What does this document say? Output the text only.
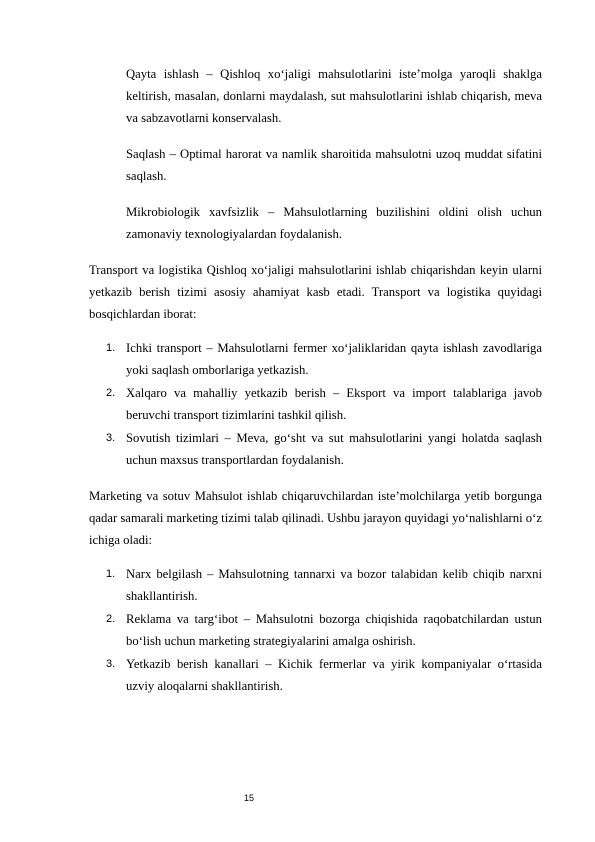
Qayta ishlash – Qishloq xo‘jaligi mahsulotlarini iste’molga yaroqli shaklga keltirish, masalan, donlarni maydalash, sut mahsulotlarini ishlab chiqarish, meva va sabzavotlarni konservalash.

Saqlash – Optimal harorat va namlik sharoitida mahsulotni uzoq muddat sifatini saqlash.

Mikrobiologik xavfsizlik – Mahsulotlarning buzilishini oldini olish uchun zamonaviy texnologiyalardan foydalanish.

Transport va logistika Qishloq xo‘jaligi mahsulotlarini ishlab chiqarishdan keyin ularni yetkazib berish tizimi asosiy ahamiyat kasb etadi. Transport va logistika quyidagi bosqichlardan iborat:

1. Ichki transport – Mahsulotlarni fermer xo‘jaliklaridan qayta ishlash zavodlariga yoki saqlash omborlariga yetkazish.
2. Xalqaro va mahalliy yetkazib berish – Eksport va import talablariga javob beruvchi transport tizimlarini tashkil qilish.
3. Sovutish tizimlari – Meva, go‘sht va sut mahsulotlarini yangi holatda saqlash uchun maxsus transportlardan foydalanish.

Marketing va sotuv Mahsulot ishlab chiqaruvchilardan iste’molchilarga yetib borgunga qadar samarali marketing tizimi talab qilinadi. Ushbu jarayon quyidagi yo‘nalishlarni o‘z ichiga oladi:

1. Narx belgilash – Mahsulotning tannarxi va bozor talabidan kelib chiqib narxni shakllantirish.
2. Reklama va targ‘ibot – Mahsulotni bozorga chiqishida raqobatchilardan ustun bo‘lish uchun marketing strategiyalarini amalga oshirish.
3. Yetkazib berish kanallari – Kichik fermerlar va yirik kompaniyalar o‘rtasida uzviy aloqalarni shakllantirish.
15
